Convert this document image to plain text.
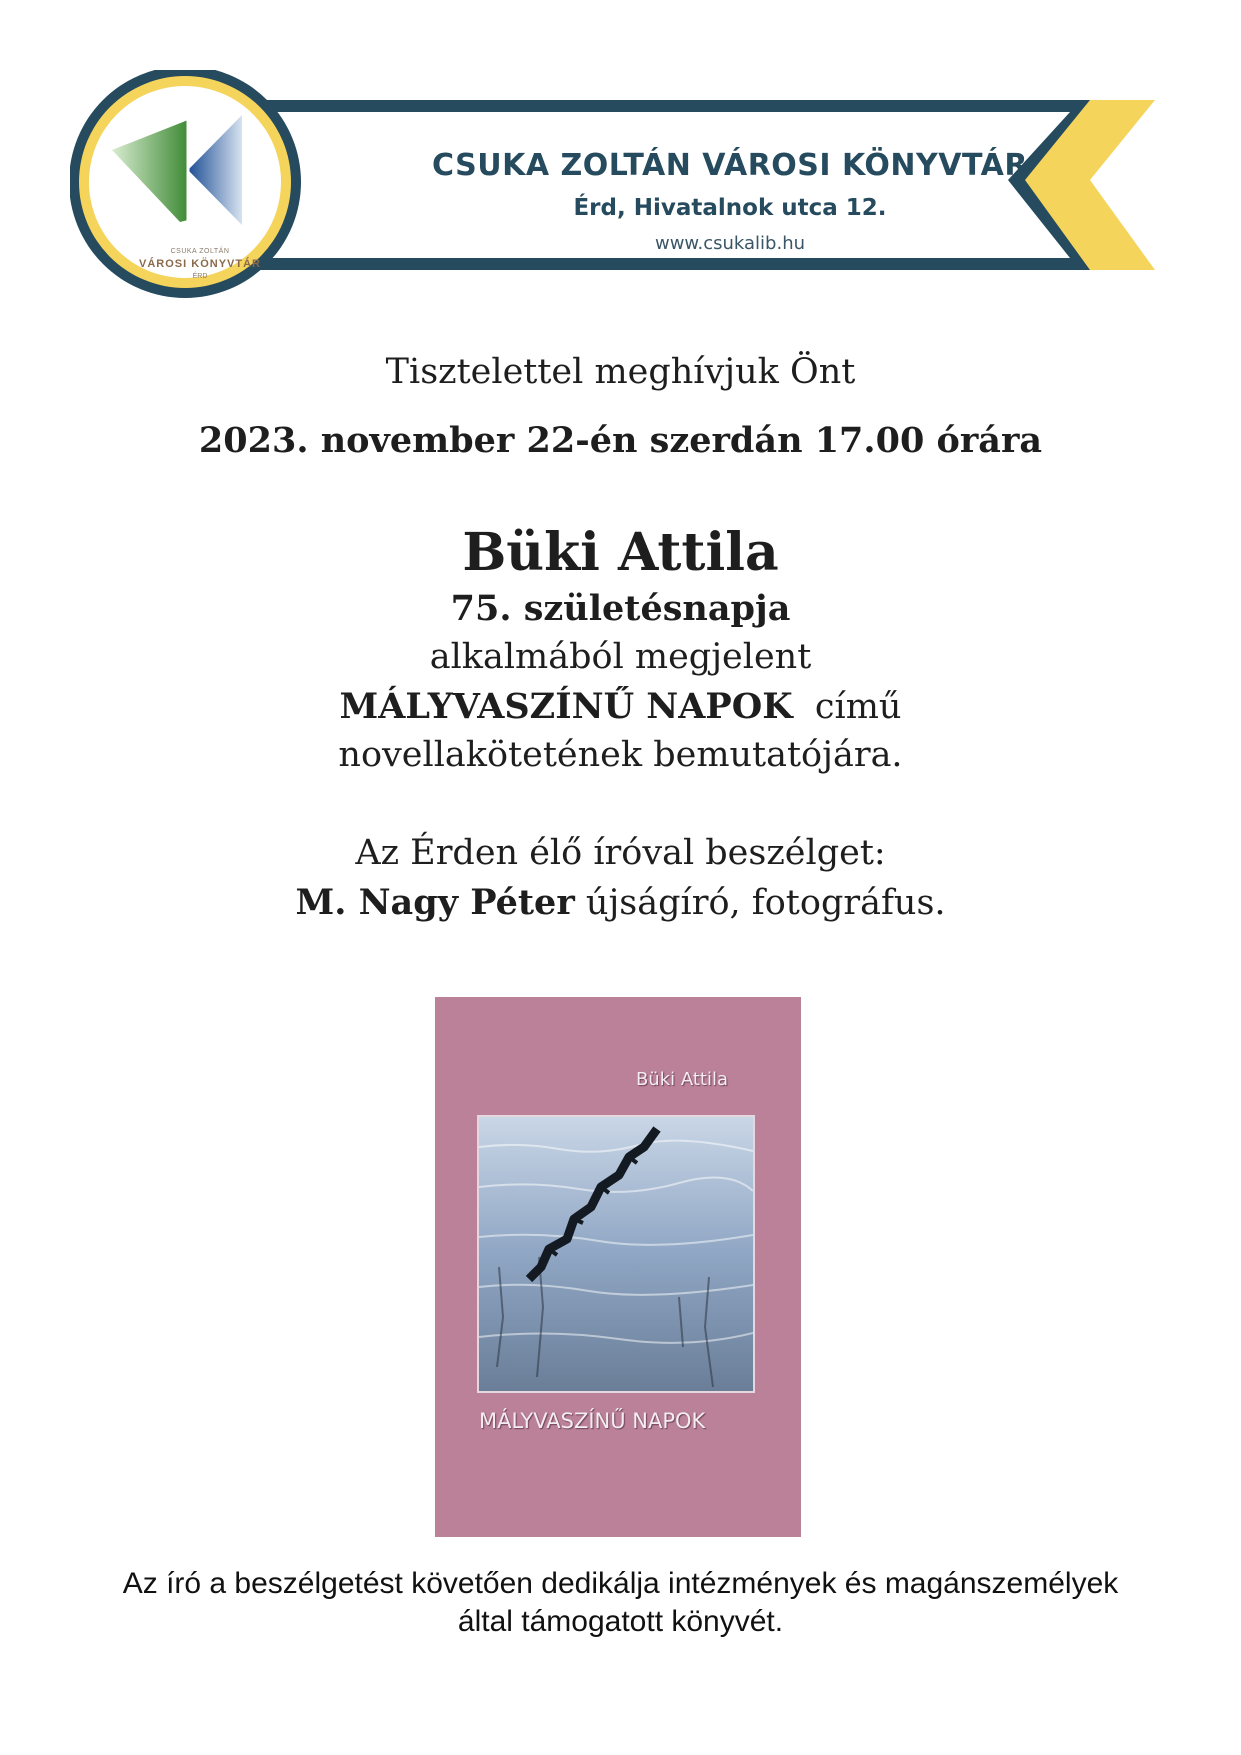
CSUKA ZOLTÁN VÁROSI KÖNYVTÁR
Érd, Hivatalnok utca 12.
www.csukalib.hu
CSUKA ZOLTÁN
VÁROSI KÖNYVTÁR
ÉRD
Tisztelettel meghívjuk Önt
2023. november 22-én szerdán 17.00 órára
Büki Attila
75. születésnapja
alkalmából megjelent
MÁLYVASZÍNŰ NAPOK című
novellakötetének bemutatójára.
Az Érden élő íróval beszélget:
M. Nagy Péter újságíró, fotográfus.
Büki Attila
MÁLYVASZÍNŰ NAPOK
Az író a beszélgetést követően dedikálja intézmények és magánszemélyek
által támogatott könyvét.
